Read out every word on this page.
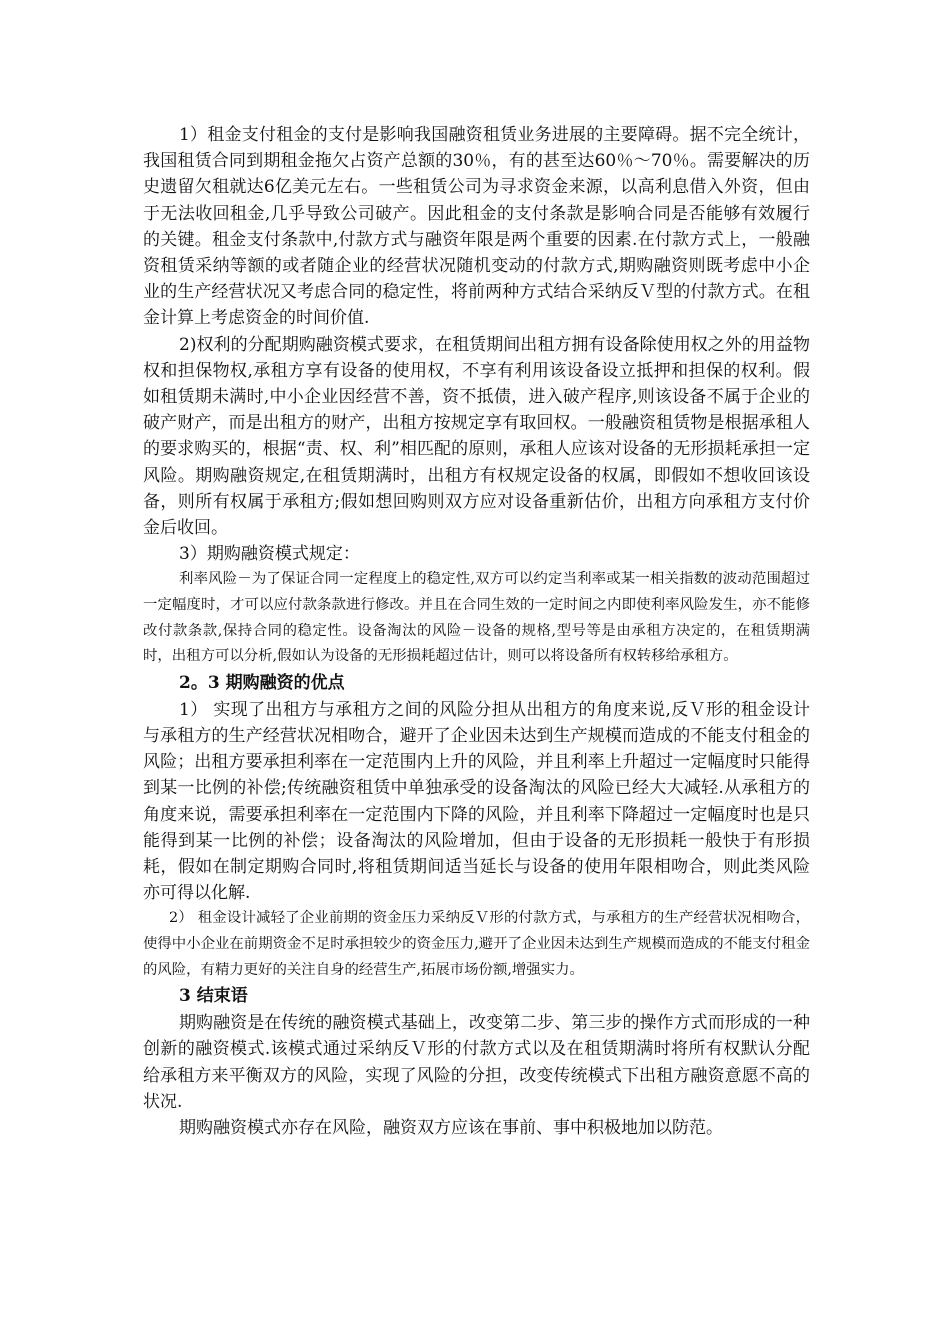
1）租金支付租金的支付是影响我国融资租赁业务进展的主要障碍。据不完全统计，我国租赁合同到期租金拖欠占资产总额的30％，有的甚至达60％～70％。需要解决的历史遗留欠租就达6亿美元左右。一些租赁公司为寻求资金来源，以高利息借入外资，但由于无法收回租金,几乎导致公司破产。因此租金的支付条款是影响合同是否能够有效履行的关键。租金支付条款中,付款方式与融资年限是两个重要的因素.在付款方式上，一般融资租赁采纳等额的或者随企业的经营状况随机变动的付款方式,期购融资则既考虑中小企业的生产经营状况又考虑合同的稳定性，将前两种方式结合采纳反Ｖ型的付款方式。在租金计算上考虑资金的时间价值.

2)权利的分配期购融资模式要求，在租赁期间出租方拥有设备除使用权之外的用益物权和担保物权,承租方享有设备的使用权，不享有利用该设备设立抵押和担保的权利。假如租赁期未满时,中小企业因经营不善，资不抵债，进入破产程序,则该设备不属于企业的破产财产，而是出租方的财产，出租方按规定享有取回权。一般融资租赁物是根据承租人的要求购买的，根据“责、权、利”相匹配的原则，承租人应该对设备的无形损耗承担一定风险。期购融资规定,在租赁期满时，出租方有权规定设备的权属，即假如不想收回该设备，则所有权属于承租方;假如想回购则双方应对设备重新估价，出租方向承租方支付价金后收回。

3）期购融资模式规定：

利率风险－为了保证合同一定程度上的稳定性,双方可以约定当利率或某一相关指数的波动范围超过一定幅度时，才可以应付款条款进行修改。并且在合同生效的一定时间之内即使利率风险发生，亦不能修改付款条款,保持合同的稳定性。设备淘汰的风险－设备的规格,型号等是由承租方决定的，在租赁期满时，出租方可以分析,假如认为设备的无形损耗超过估计，则可以将设备所有权转移给承租方。

2。3 期购融资的优点

1） 实现了出租方与承租方之间的风险分担从出租方的角度来说,反Ｖ形的租金设计与承租方的生产经营状况相吻合，避开了企业因未达到生产规模而造成的不能支付租金的风险；出租方要承担利率在一定范围内上升的风险，并且利率上升超过一定幅度时只能得到某一比例的补偿;传统融资租赁中单独承受的设备淘汰的风险已经大大减轻.从承租方的角度来说，需要承担利率在一定范围内下降的风险，并且利率下降超过一定幅度时也是只能得到某一比例的补偿；设备淘汰的风险增加，但由于设备的无形损耗一般快于有形损耗，假如在制定期购合同时,将租赁期间适当延长与设备的使用年限相吻合，则此类风险亦可得以化解.

2） 租金设计减轻了企业前期的资金压力采纳反Ｖ形的付款方式，与承租方的生产经营状况相吻合，使得中小企业在前期资金不足时承担较少的资金压力,避开了企业因未达到生产规模而造成的不能支付租金的风险，有精力更好的关注自身的经营生产,拓展市场份额,增强实力。

3 结束语

期购融资是在传统的融资模式基础上，改变第二步、第三步的操作方式而形成的一种创新的融资模式.该模式通过采纳反Ｖ形的付款方式以及在租赁期满时将所有权默认分配给承租方来平衡双方的风险，实现了风险的分担，改变传统模式下出租方融资意愿不高的状况.

期购融资模式亦存在风险，融资双方应该在事前、事中积极地加以防范。
